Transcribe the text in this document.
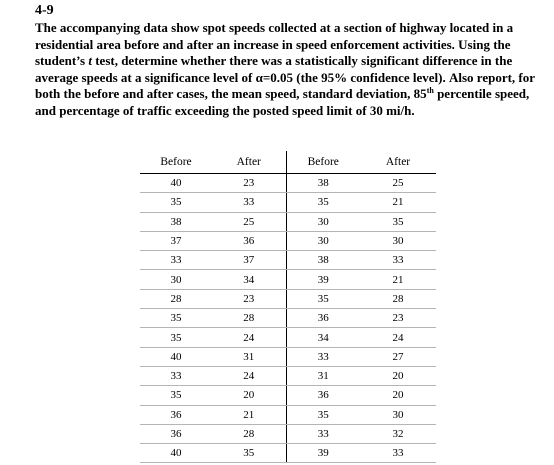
4-9
The accompanying data show spot speeds collected at a section of highway located in a residential area before and after an increase in speed enforcement activities. Using the student’s t test, determine whether there was a statistically significant difference in the average speeds at a significance level of α=0.05 (the 95% confidence level). Also report, for both the before and after cases, the mean speed, standard deviation, 85th percentile speed, and percentage of traffic exceeding the posted speed limit of 30 mi/h.
Before	After	Before	After
40	23	38	25
35	33	35	21
38	25	30	35
37	36	30	30
33	37	38	33
30	34	39	21
28	23	35	28
35	28	36	23
35	24	34	24
40	31	33	27
33	24	31	20
35	20	36	20
36	21	35	30
36	28	33	32
40	35	39	33
